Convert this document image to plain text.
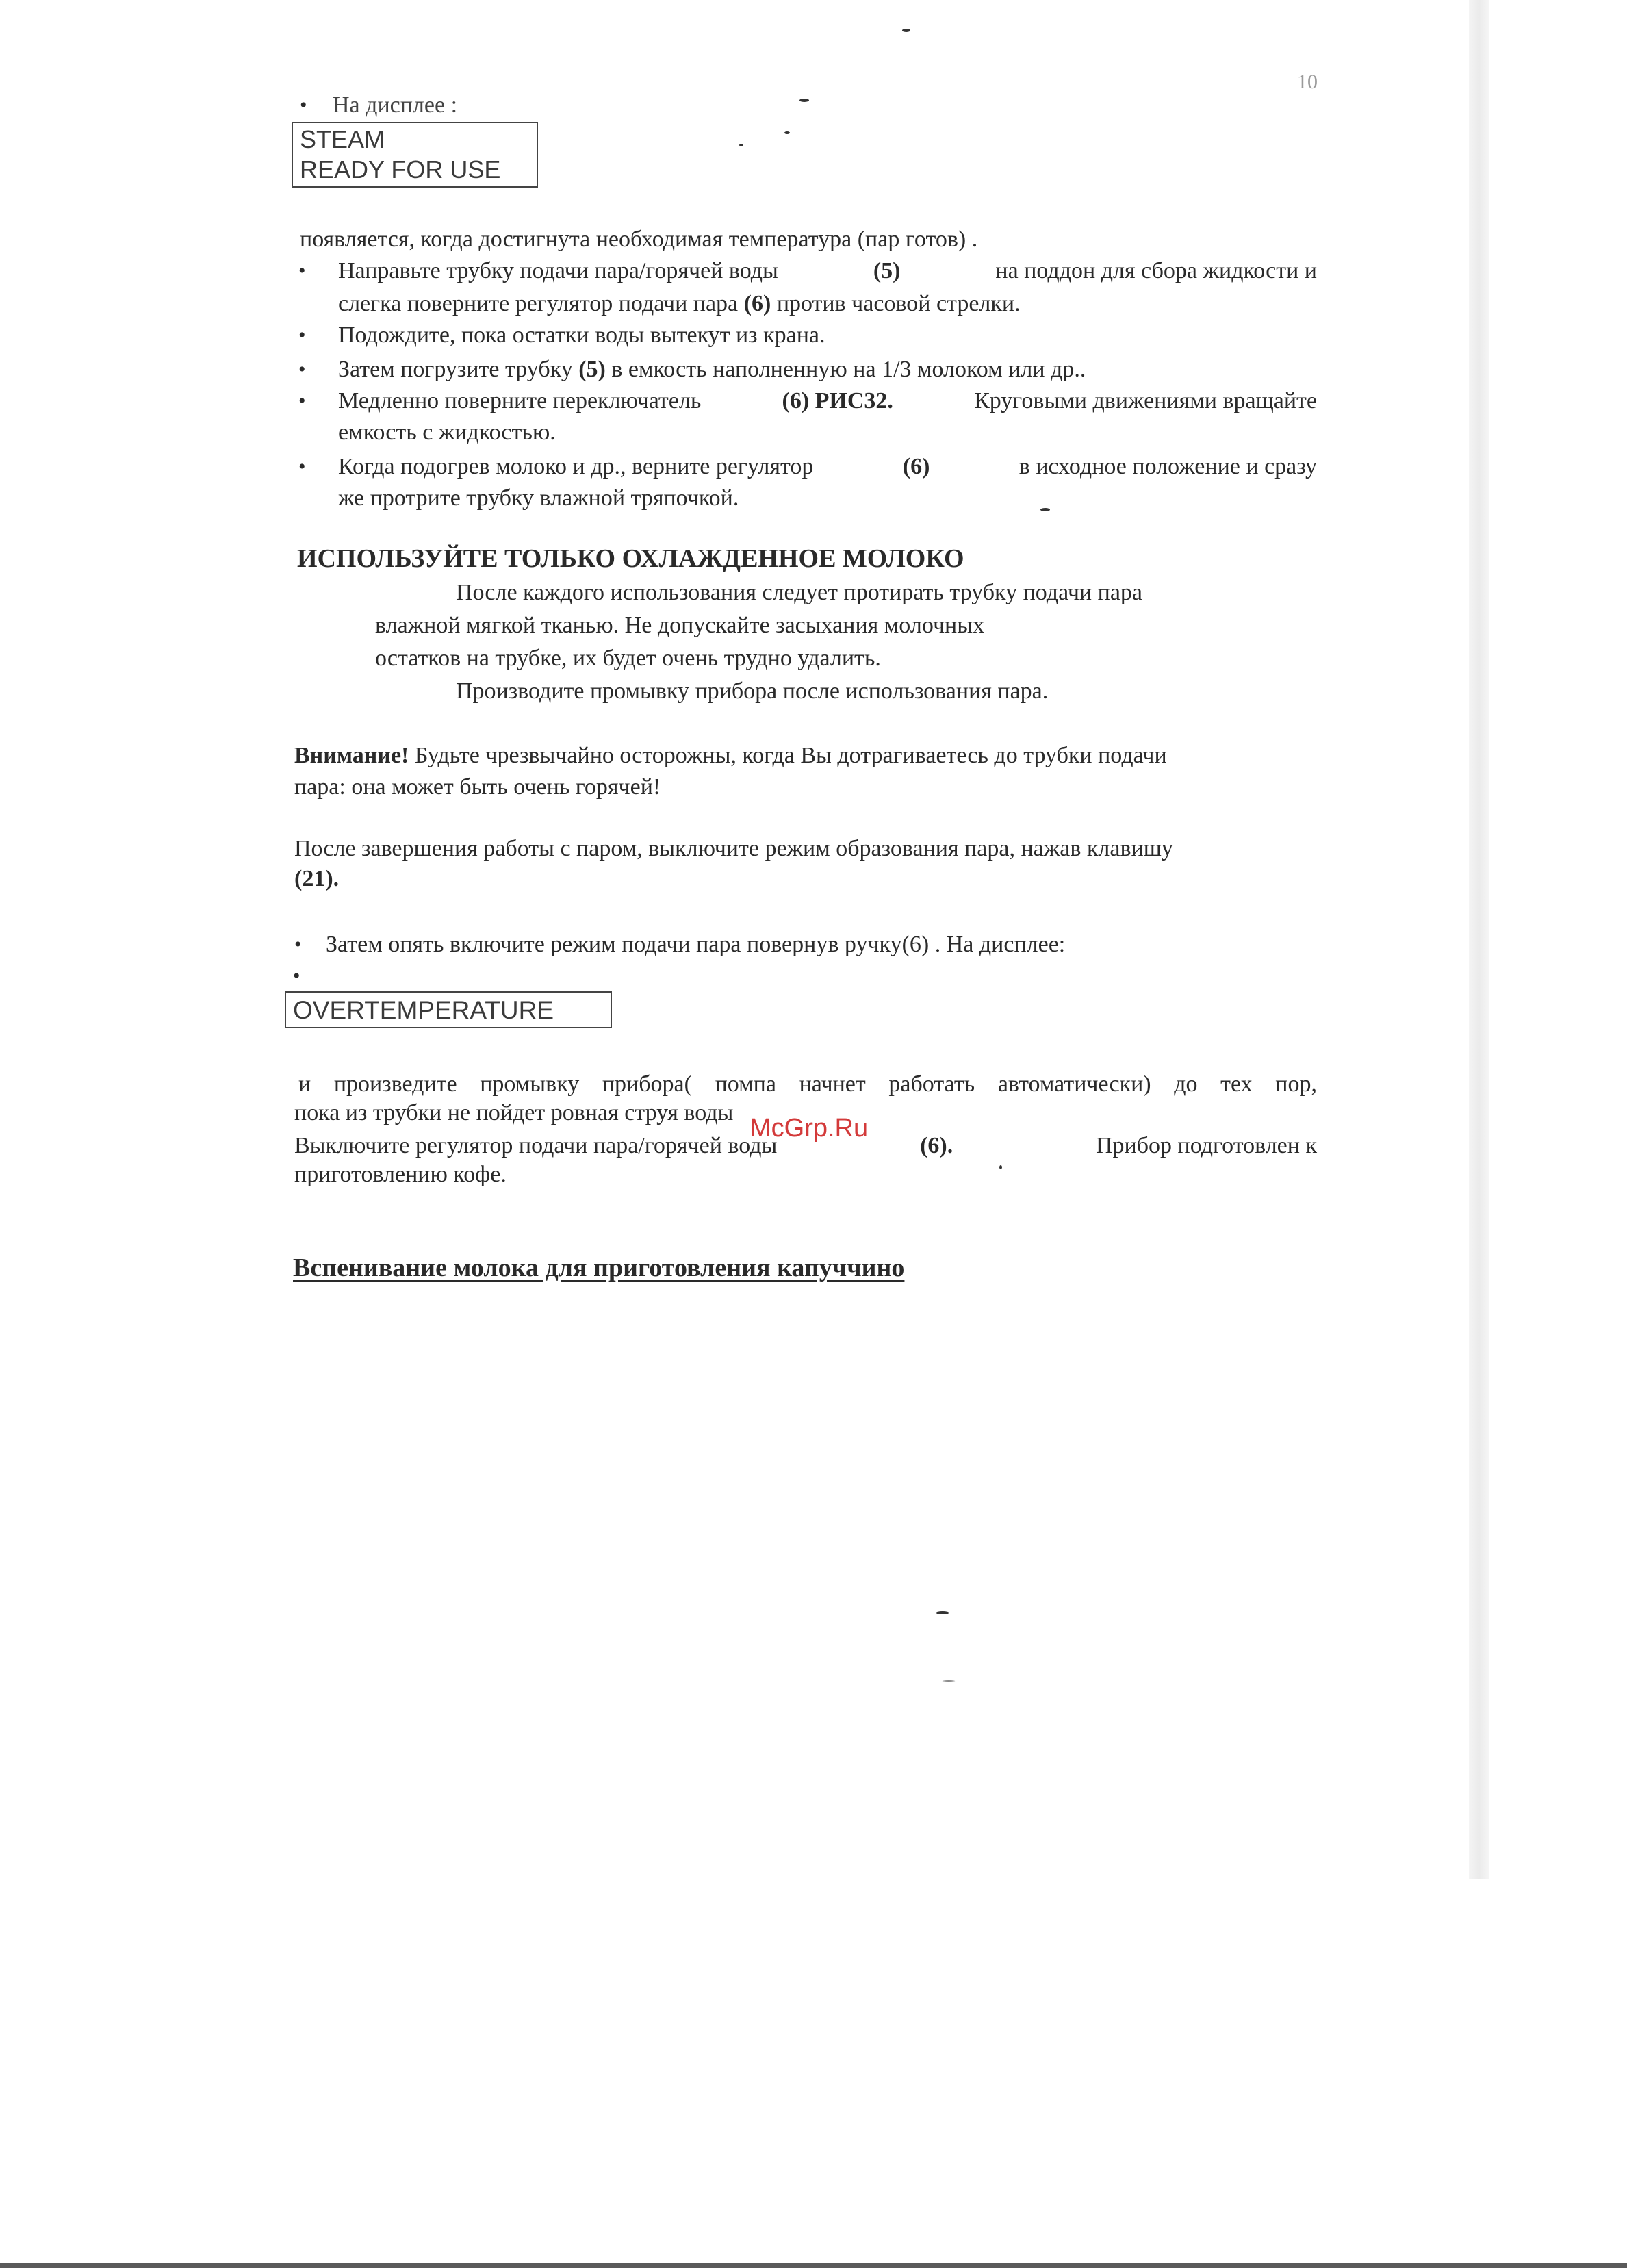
10
• На дисплее :
STEAM
READY FOR USE
появляется, когда достигнута необходимая температура (пар готов) .
• Направьте трубку подачи пара/горячей воды	(5)	на поддон для сбора жидкости и
слегка поверните регулятор подачи пара (6) против часовой стрелки.
• Подождите, пока остатки воды вытекут из крана.
• Затем погрузите трубку (5) в емкость наполненную на 1/3 молоком или др..
• Медленно поверните переключатель	(6) РИС32.	Круговыми движениями вращайте
емкость с жидкостью.
• Когда подогрев молоко и др., верните регулятор	(6)	в исходное положение и сразу
же протрите трубку влажной тряпочкой.
ИСПОЛЬЗУЙТЕ ТОЛЬКО ОХЛАЖДЕННОЕ МОЛОКО
После каждого использования следует протирать трубку подачи пара
влажной мягкой тканью. Не допускайте засыхания молочных
остатков на трубке, их будет очень трудно удалить.
Производите промывку прибора после использования пара.
Внимание! Будьте чрезвычайно осторожны, когда Вы дотрагиваетесь до трубки подачи
пара: она может быть очень горячей!
После завершения работы с паром, выключите режим образования пара, нажав клавишу
(21).
• Затем опять включите режим подачи пара повернув ручку(6) . На дисплее:
•
OVERTEMPERATURE
и произведите промывку прибора( помпа начнет работать автоматически) до тех пор,
пока из трубки не пойдет ровная струя воды
Выключите регулятор подачи пара/горячей воды	(6).	Прибор подготовлен к
приготовлению кофе.
McGrp.Ru
Вспенивание молока для приготовления капуччино
